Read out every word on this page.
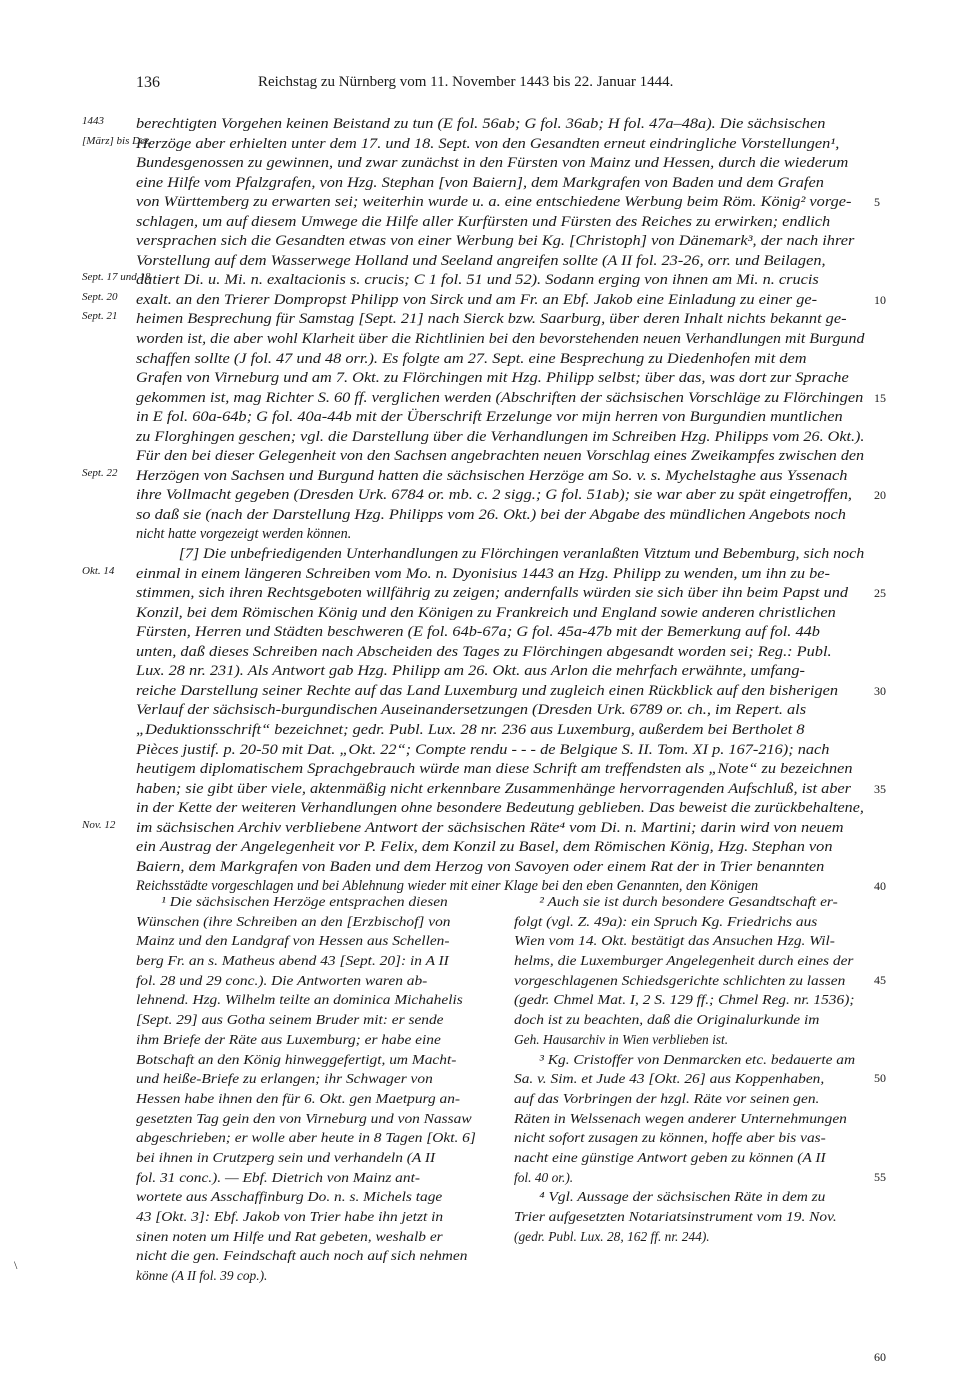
136	Reichstag zu Nürnberg vom 11. November 1443 bis 22. Januar 1444.
1443	berechtigten Vorgehen keinen Beistand zu tun (E fol. 56ab; G fol. 36ab; H fol. 47a–48a). Die sächsischen
[März] bis Dez.
Herzöge aber erhielten unter dem 17. und 18. Sept. von den Gesandten erneut eindringliche Vorstellungen¹,
Bundesgenossen zu gewinnen, und zwar zunächst in den Fürsten von Mainz und Hessen, durch die wiederum
eine Hilfe vom Pfalzgrafen, von Hzg. Stephan [von Baiern], dem Markgrafen von Baden und dem Grafen
von Württemberg zu erwarten sei; weiterhin wurde u. a. eine entschiedene Werbung beim Röm. König² vorge- 5
schlagen, um auf diesem Umwege die Hilfe aller Kurfürsten und Fürsten des Reiches zu erwirken; endlich
versprachen sich die Gesandten etwas von einer Werbung bei Kg. [Christoph] von Dänemark³, der nach ihrer
Vorstellung auf dem Wasserwege Holland und Seeland angreifen sollte (A II fol. 23-26, orr. und Beilagen,
Sept. 17 und 18
datiert Di. u. Mi. n. exaltacionis s. crucis; C 1 fol. 51 und 52). Sodann erging von ihnen am Mi. n. crucis
Sept. 20	exalt. an den Trierer Dompropst Philipp von Sirck und am Fr. an Ebf. Jakob eine Einladung zu einer ge-	10
Sept. 21	heimen Besprechung für Samstag [Sept. 21] nach Sierck bzw. Saarburg, über deren Inhalt nichts bekannt ge-
worden ist, die aber wohl Klarheit über die Richtlinien bei den bevorstehenden neuen Verhandlungen mit Burgund
schaffen sollte (J fol. 47 und 48 orr.). Es folgte am 27. Sept. eine Besprechung zu Diedenhofen mit dem
Grafen von Virneburg und am 7. Okt. zu Flörchingen mit Hzg. Philipp selbst; über das, was dort zur Sprache
gekommen ist, mag Richter S. 60 ff. verglichen werden (Abschriften der sächsischen Vorschläge zu Flörchingen 15
in E fol. 60a-64b; G fol. 40a-44b mit der Überschrift Erzelunge vor mijn herren von Burgundien muntlichen
zu Florghingen geschen; vgl. die Darstellung über die Verhandlungen im Schreiben Hzg. Philipps vom 26. Okt.).
Für den bei dieser Gelegenheit von den Sachsen angebrachten neuen Vorschlag eines Zweikampfes zwischen den
Sept. 22	Herzögen von Sachsen und Burgund hatten die sächsischen Herzöge am So. v. s. Mychelstaghe aus Yssenach
ihre Vollmacht gegeben (Dresden Urk. 6784 or. mb. c. 2 sigg.; G fol. 51ab); sie war aber zu spät eingetroffen, 20
so daß sie (nach der Darstellung Hzg. Philipps vom 26. Okt.) bei der Abgabe des mündlichen Angebots noch
nicht hatte vorgezeigt werden können.
[7] Die unbefriedigenden Unterhandlungen zu Flörchingen veranlaßten Vitztum und Bebemburg, sich noch
Okt. 14	einmal in einem längeren Schreiben vom Mo. n. Dyonisius 1443 an Hzg. Philipp zu wenden, um ihn zu be-
stimmen, sich ihren Rechtsgeboten willfährig zu zeigen; andernfalls würden sie sich über ihn beim Papst und 25
Konzil, bei dem Römischen König und den Königen zu Frankreich und England sowie anderen christlichen
Fürsten, Herren und Städten beschweren (E fol. 64b-67a; G fol. 45a-47b mit der Bemerkung auf fol. 44b
unten, daß dieses Schreiben nach Abscheiden des Tages zu Flörchingen abgesandt worden sei; Reg.: Publ.
Lux. 28 nr. 231). Als Antwort gab Hzg. Philipp am 26. Okt. aus Arlon die mehrfach erwähnte, umfang-
reiche Darstellung seiner Rechte auf das Land Luxemburg und zugleich einen Rückblick auf den bisherigen	30
Verlauf der sächsisch-burgundischen Auseinandersetzungen (Dresden Urk. 6789 or. ch., im Repert. als
„Deduktionsschrift“ bezeichnet; gedr. Publ. Lux. 28 nr. 236 aus Luxemburg, außerdem bei Bertholet 8
Pièces justif. p. 20-50 mit Dat. „Okt. 22“; Compte rendu - - - de Belgique S. II. Tom. XI p. 167-216); nach
heutigem diplomatischem Sprachgebrauch würde man diese Schrift am treffendsten als „Note“ zu bezeichnen
haben; sie gibt über viele, aktenmäßig nicht erkennbare Zusammenhänge hervorragenden Aufschluß, ist aber 35
in der Kette der weiteren Verhandlungen ohne besondere Bedeutung geblieben. Das beweist die zurückbehaltene,
Nov. 12	im sächsischen Archiv verbliebene Antwort der sächsischen Räte⁴ vom Di. n. Martini; darin wird von neuem
ein Austrag der Angelegenheit vor P. Felix, dem Konzil zu Basel, dem Römischen König, Hzg. Stephan von
Baiern, dem Markgrafen von Baden und dem Herzog von Savoyen oder einem Rat der in Trier benannten
Reichsstädte vorgeschlagen und bei Ablehnung wieder mit einer Klage bei den eben Genannten, den Königen	40
¹ Die sächsischen Herzöge entsprachen diesen
Wünschen (ihre Schreiben an den [Erzbischof] von
Mainz und den Landgraf von Hessen aus Schellen-
berg Fr. an s. Matheus abend 43 [Sept. 20]: in A II
fol. 28 und 29 conc.). Die Antworten waren ab-
lehnend. Hzg. Wilhelm teilte an dominica Michahelis
[Sept. 29] aus Gotha seinem Bruder mit: er sende
ihm Briefe der Räte aus Luxemburg; er habe eine
Botschaft an den König hinweggefertigt, um Macht-
und heiße-Briefe zu erlangen; ihr Schwager von
Hessen habe ihnen den für 6. Okt. gen Maetpurg an-
gesetzten Tag gein den von Virneburg und von Nassaw
abgeschrieben; er wolle aber heute in 8 Tagen [Okt. 6]
bei ihnen in Crutzperg sein und verhandeln (A II
fol. 31 conc.). — Ebf. Dietrich von Mainz ant-
wortete aus Asschaffinburg Do. n. s. Michels tage
43 [Okt. 3]: Ebf. Jakob von Trier habe ihn jetzt in
sinen noten um Hilfe und Rat gebeten, weshalb er
nicht die gen. Feindschaft auch noch auf sich nehmen
könne (A II fol. 39 cop.).
² Auch sie ist durch besondere Gesandtschaft er-
folgt (vgl. Z. 49a): ein Spruch Kg. Friedrichs aus
Wien vom 14. Okt. bestätigt das Ansuchen Hzg. Wil-
helms, die Luxemburger Angelegenheit durch eines der
vorgeschlagenen Schiedsgerichte schlichten zu lassen 45
(gedr. Chmel Mat. I, 2 S. 129 ff.; Chmel Reg. nr. 1536);
doch ist zu beachten, daß die Originalurkunde im
Geh. Hausarchiv in Wien verblieben ist.
³ Kg. Cristoffer von Denmarcken etc. bedauerte am
Sa. v. Sim. et Jude 43 [Okt. 26] aus Koppenhaben,	50
auf das Vorbringen der hzgl. Räte vor seinen gen.
Räten in Welssenach wegen anderer Unternehmungen
nicht sofort zusagen zu können, hoffe aber bis vas-
nacht eine günstige Antwort geben zu können (A II
fol. 40 or.).	55
⁴ Vgl. Aussage der sächsischen Räte in dem zu
Trier aufgesetzten Notariatsinstrument vom 19. Nov.
(gedr. Publ. Lux. 28, 162 ff. nr. 244).
60
\
